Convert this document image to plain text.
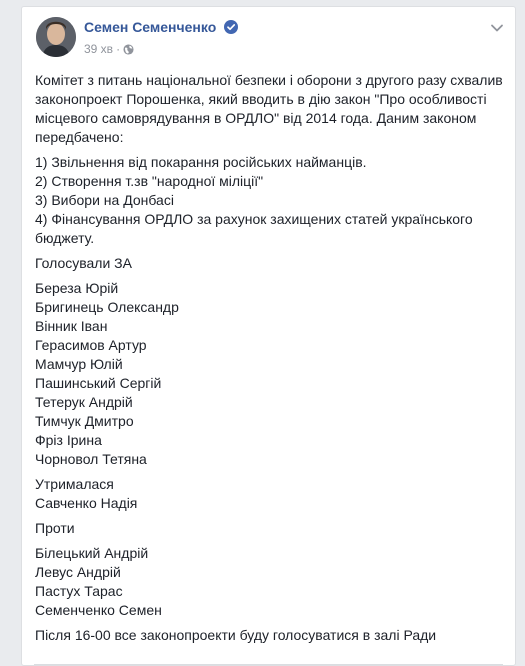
Семен Семенченко
39 хв ·

Комітет з питань національної безпеки і оборони з другого разу схвалив законопроект Порошенка, який вводить в дію закон "Про особливості місцевого самоврядування в ОРДЛО" від 2014 года. Даним законом передбачено:

1) Звільнення від покарання російських найманців.
2) Створення т.зв "народної міліції"
3) Вибори на Донбасі
4) Фінансування ОРДЛО за рахунок захищених статей українського бюджету.

Голосували ЗА

Береза Юрій
Бригинець Олександр
Вінник Іван
Герасимов Артур
Мамчур Юлій
Пашинський Сергій
Тетерук Андрій
Тимчук Дмитро
Фріз Ірина
Чорновол Тетяна
Утрималася
Савченко Надія

Проти

Білецький Андрій
Левус Андрій
Пастух Тарас
Семенченко Семен

Після 16-00 все законопроекти буду голосуватися в залі Ради
